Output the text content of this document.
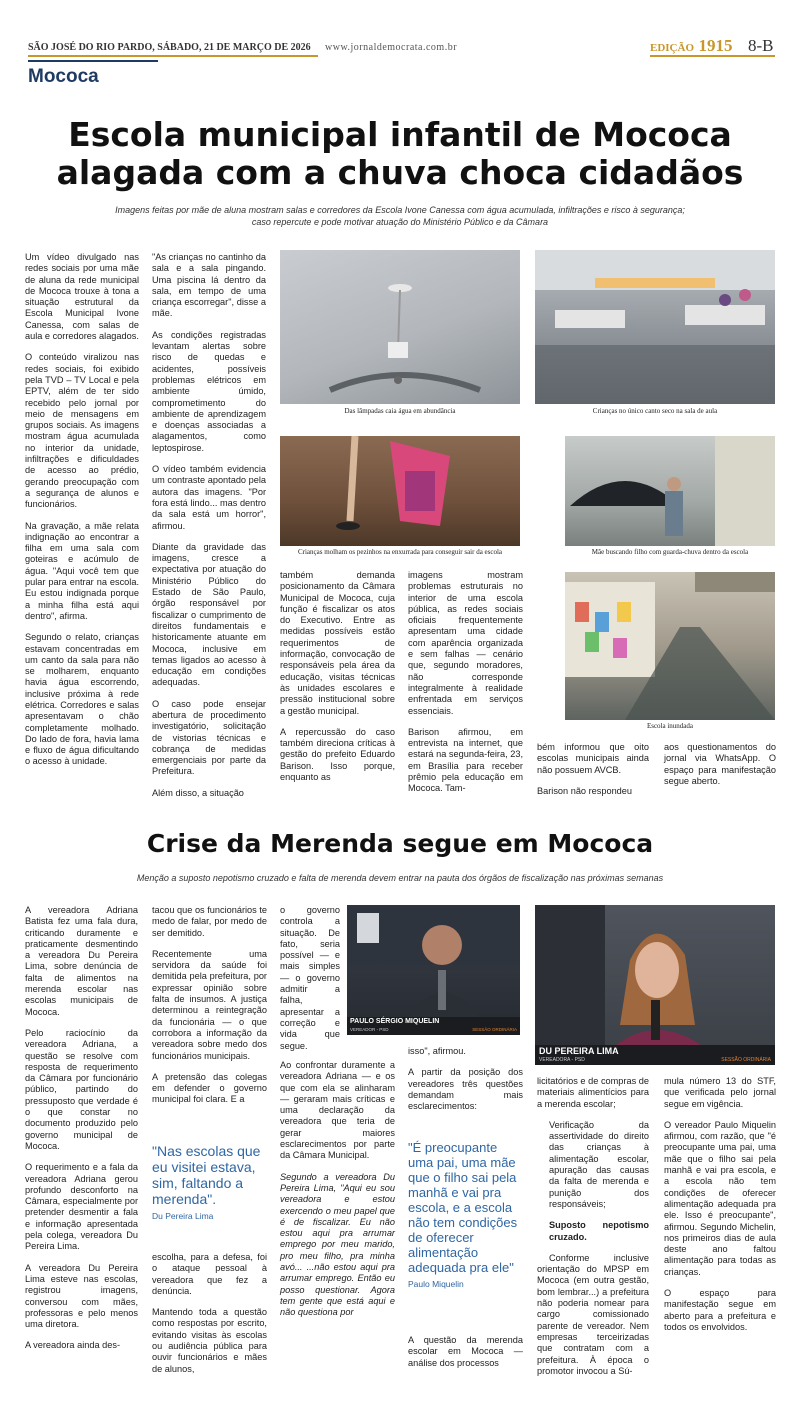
SÃO JOSÉ DO RIO PARDO, SÁBADO, 21 DE MARÇO DE 2026 www.jornaldemocrata.com.br	EDIÇÃO 1915 8-B
Mococa
Escola municipal infantil de Mococa
alagada com a chuva choca cidadãos
Imagens feitas por mãe de aluna mostram salas e corredores da Escola Ivone Canessa com água acumulada, infiltrações e risco à segurança;
caso repercute e pode motivar atuação do Ministério Público e da Câmara

Um vídeo divulgado nas redes sociais por uma mãe de aluna da rede municipal de Mococa trouxe à tona a situação estrutural da Escola Municipal Ivone Canessa, com salas de aula e corredores alagados.

O conteúdo viralizou nas redes sociais, foi exibido pela TVD – TV Local e pela EPTV, além de ter sido recebido pelo jornal por meio de mensagens em grupos sociais. As imagens mostram água acumulada no interior da unidade, infiltrações e dificuldades de acesso ao prédio, gerando preocupação com a segurança de alunos e funcionários.

Na gravação, a mãe relata indignação ao encontrar a filha em uma sala com goteiras e acúmulo de água. "Aqui você tem que pular para entrar na escola. Eu estou indignada porque a minha filha está aqui dentro", afirma.

Segundo o relato, crianças estavam concentradas em um canto da sala para não se molharem, enquanto havia água escorrendo, inclusive próxima à rede elétrica. Corredores e salas apresentavam o chão completamente molhado. Do lado de fora, havia lama e fluxo de água dificultando o acesso à unidade.

"As crianças no cantinho da sala e a sala pingando. Uma piscina lá dentro da sala, em tempo de uma criança escorregar", disse a mãe.

As condições registradas levantam alertas sobre risco de quedas e acidentes, possíveis problemas elétricos em ambiente úmido, comprometimento do ambiente de aprendizagem e doenças associadas a alagamentos, como leptospirose.

O vídeo também evidencia um contraste apontado pela autora das imagens. "Por fora está lindo... mas dentro da sala está um horror", afirmou.

Diante da gravidade das imagens, cresce a expectativa por atuação do Ministério Público do Estado de São Paulo, órgão responsável por fiscalizar o cumprimento de direitos fundamentais e historicamente atuante em Mococa, inclusive em temas ligados ao acesso à educação em condições adequadas.

O caso pode ensejar abertura de procedimento investigatório, solicitação de vistorias técnicas e cobrança de medidas emergenciais por parte da Prefeitura.

Além disso, a situação

Das lâmpadas caia água em abundância	Crianças no único canto seco na sala de aula
Crianças molham os pezinhos na enxurrada para conseguir sair da escola	Mãe buscando filho com guarda-chuva dentro da escola
Escola inundada

também demanda posicionamento da Câmara Municipal de Mococa, cuja função é fiscalizar os atos do Executivo. Entre as medidas possíveis estão requerimentos de informação, convocação de responsáveis pela área da educação, visitas técnicas às unidades escolares e pressão institucional sobre a gestão municipal.

A repercussão do caso também direciona críticas à gestão do prefeito Eduardo Barison. Isso porque, enquanto as

imagens mostram problemas estruturais no interior de uma escola pública, as redes sociais oficiais frequentemente apresentam uma cidade com aparência organizada e sem falhas — cenário que, segundo moradores, não corresponde integralmente à realidade enfrentada em serviços essenciais.

Barison afirmou, em entrevista na internet, que estará na segunda-feira, 23, em Brasília para receber prêmio pela educação em Mococa. Tam-

bém informou que oito escolas municipais ainda não possuem AVCB.

Barison não respondeu

aos questionamentos do jornal via WhatsApp. O espaço para manifestação segue aberto.

Crise da Merenda segue em Mococa
Menção a suposto nepotismo cruzado e falta de merenda devem entrar na pauta dos órgãos de fiscalização nas próximas semanas

A vereadora Adriana Batista fez uma fala dura, criticando duramente e praticamente desmentindo a vereadora Du Pereira Lima, sobre denúncia de falta de alimentos na merenda escolar nas escolas municipais de Mococa.

Pelo raciocínio da vereadora Adriana, a questão se resolve com resposta de requerimento da Câmara por funcionário público, partindo do pressuposto que verdade é o que constar no documento produzido pelo governo municipal de Mococa.

O requerimento e a fala da vereadora Adriana gerou profundo desconforto na Câmara, especialmente por pretender desmentir a fala e informação apresentada pela colega, vereadora Du Pereira Lima.

A vereadora Du Pereira Lima esteve nas escolas, registrou imagens, conversou com mães, professoras e pelo menos uma diretora.

A vereadora ainda des-

tacou que os funcionários te medo de falar, por medo de ser demitido.

Recentemente uma servidora da saúde foi demitida pela prefeitura, por expressar opinião sobre falta de insumos. A justiça determinou a reintegração da funcionária — o que corrobora a informação da vereadora sobre medo dos funcionários municipais.

A pretensão das colegas em defender o governo municipal foi clara. E a

"Nas escolas que eu visitei estava, sim, faltando a merenda".
Du Pereira Lima

escolha, para a defesa, foi o ataque pessoal à vereadora que fez a denúncia.

Mantendo toda a questão como respostas por escrito, evitando visitas às escolas ou audiência pública para ouvir funcionários e mães de alunos,

PAULO SÉRGIO MIQUELIN
VEREADOR - PSD	SESSÃO ORDINÁRIA
DU PEREIRA LIMA
VEREADORA - PSD	SESSÃO ORDINÁRIA

o governo controla a situação. De fato, seria possível — e mais simples — o governo admitir a falha, apresentar a correção e vida que segue.

Ao confrontar duramente a vereadora Adriana — e os que com ela se alinharam — geraram mais críticas e uma declaração da vereadora que teria de gerar maiores esclarecimentos por parte da Câmara Municipal.

Segundo a vereadora Du Pereira Lima, "Aqui eu sou vereadora e estou exercendo o meu papel que é de fiscalizar. Eu não estou aqui pra arrumar emprego por meu marido, pro meu filho, pra minha avó... ...não estou aqui pra arrumar emprego. Então eu posso questionar. Agora tem gente que está aqui e não questiona por

isso", afirmou.

A partir da posição dos vereadores três questões demandam mais esclarecimentos:

"É preocupante uma pai, uma mãe que o filho sai pela manhã e vai pra escola, e a escola não tem condições de oferecer alimentação adequada pra ele"
Paulo Miquelin
A questão da merenda escolar em Mococa — análise dos processos

licitatórios e de compras de materiais alimentícios para a merenda escolar;

Verificação da assertividade do direito das crianças à alimentação escolar, apuração das causas da falta de merenda e punição dos responsáveis;

Suposto nepotismo cruzado.

Conforme inclusive orientação do MPSP em Mococa (em outra gestão, bom lembrar...) a prefeitura não poderia nomear para cargo comissionado parente de vereador. Nem empresas terceirizadas que contratam com a prefeitura. À época o promotor invocou a Sú-

mula número 13 do STF, que verificada pelo jornal segue em vigência.

O vereador Paulo Miquelin afirmou, com razão, que "é preocupante uma pai, uma mãe que o filho sai pela manhã e vai pra escola, e a escola não tem condições de oferecer alimentação adequada pra ele. Isso é preocupante", afirmou. Segundo Michelin, nos primeiros dias de aula deste ano faltou alimentação para todas as crianças.

O espaço para manifestação segue em aberto para a prefeitura e todos os envolvidos.
